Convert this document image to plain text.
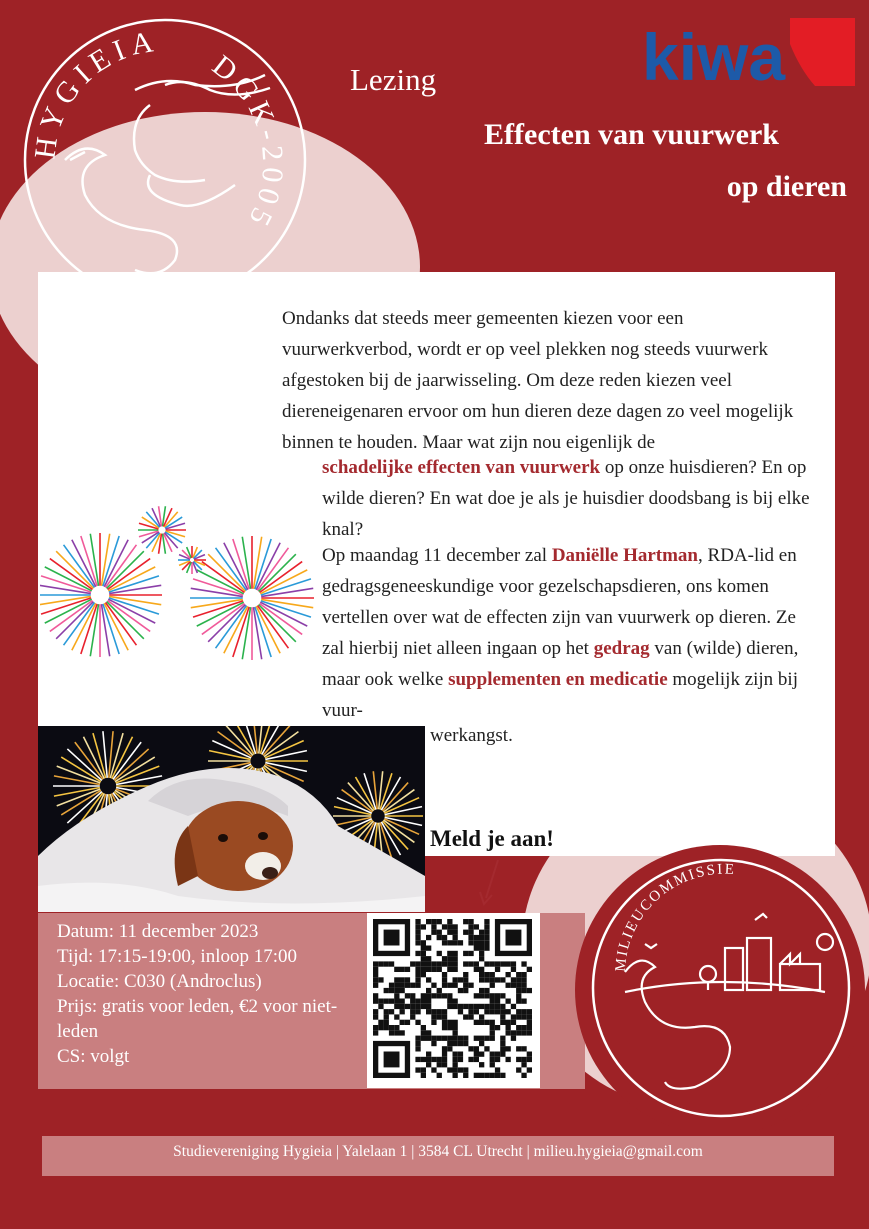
HYGIEIA
DGK-2005
kiwa
Lezing
Effecten van vuurwerk
op dieren
Ondanks dat steeds meer gemeenten kiezen voor een vuurwerkverbod, wordt er op veel plekken nog steeds vuurwerk afgestoken bij de jaarwisseling. Om deze reden kiezen veel diereneigenaren ervoor om hun dieren deze dagen zo veel mogelijk binnen te houden. Maar wat zijn nou eigenlijk de
schadelijke effecten van vuurwerk op onze huisdieren? En op wilde dieren? En wat doe je als je huisdier doodsbang is bij elke knal?
Op maandag 11 december zal Daniëlle Hartman, RDA-lid en gedragsgeneeskundige voor gezelschapsdieren, ons komen vertellen over wat de effecten zijn van vuurwerk op dieren. Ze zal hierbij niet alleen ingaan op het gedrag van (wilde) dieren, maar ook welke supplementen en medicatie mogelijk zijn bij vuur-
werkangst.
Meld je aan!
Datum: 11 december 2023
Tijd: 17:15-19:00, inloop 17:00
Locatie: C030 (Androclus)
Prijs: gratis voor leden, €2 voor niet-leden
CS: volgt
MILIEUCOMMISSIE
Studievereniging Hygieia | Yalelaan 1 | 3584 CL Utrecht | milieu.hygieia@gmail.com
